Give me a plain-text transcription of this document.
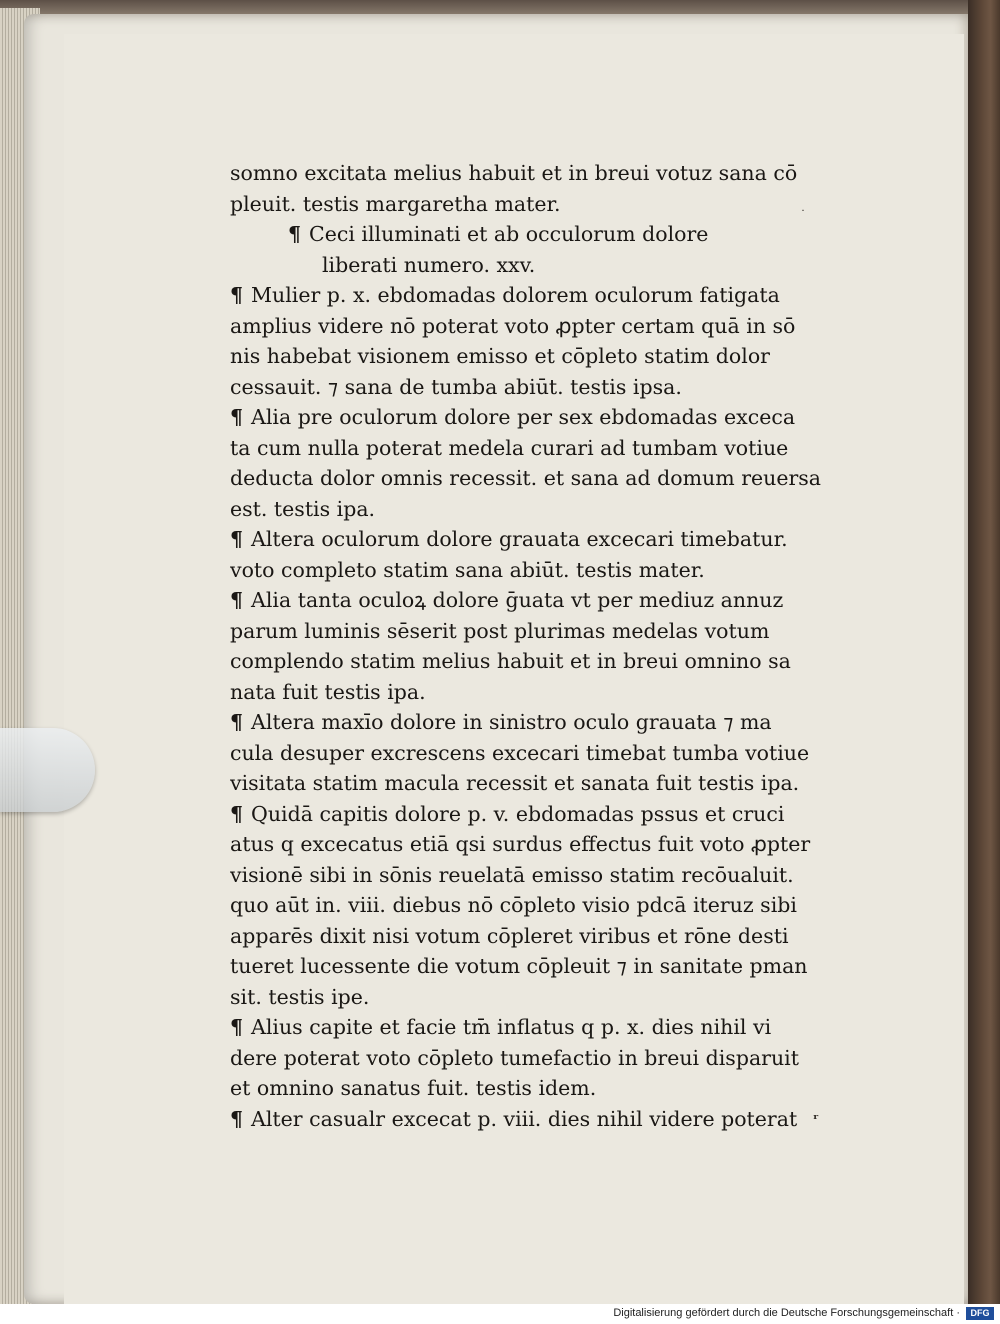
somno excitata melius habuit et in breui votuz sana cō
pleuit. testis margaretha mater.
¶ Ceci illuminati et ab occulorum dolore
liberati numero. xxv.
¶ Mulier p. x. ebdomadas dolorem oculorum fatigata
amplius videre nō poterat voto ꝓpter certam quā in sō
nis habebat visionem emisso et cōpleto statim dolor
cessauit. ⁊ sana de tumba abiūt. testis ipsa.
¶ Alia pre oculorum dolore per sex ebdomadas exceca
ta cum nulla poterat medela curari ad tumbam votiue
deducta dolor omnis recessit. et sana ad domum reuersa
est. testis ipa.
¶ Altera oculorum dolore grauata excecari timebatur.
voto completo statim sana abiūt. testis mater.
¶ Alia tanta oculoꝝ dolore ḡuata vt per mediuz annuz
parum luminis sēserit post plurimas medelas votum
complendo statim melius habuit et in breui omnino sa
nata fuit testis ipa.
¶ Altera maxīo dolore in sinistro oculo grauata ⁊ ma
cula desuper excrescens excecari timebat tumba votiue
visitata statim macula recessit et sanata fuit testis ipa.
¶ Quidā capitis dolore p. v. ebdomadas pssus et cruci
atus q excecatus etiā qsi surdus effectus fuit voto ꝓpter
visionē sibi in sōnis reuelatā emisso statim recōualuit.
quo aūt in. viii. diebus nō cōpleto visio pdcā iteruz sibi
apparēs dixit nisi votum cōpleret viribus et rōne desti
tueret lucessente die votum cōpleuit ⁊ in sanitate pman
sit. testis ipe.
¶ Alius capite et facie tm̄ inflatus q p. x. dies nihil vi
dere poterat voto cōpleto tumefactio in breui disparuit
et omnino sanatus fuit. testis idem.
¶ Alter casualr excecat p. viii. dies nihil videre poterat
˙
ʳ
Digitalisierung gefördert durch die Deutsche Forschungsgemeinschaft ·	DFG
